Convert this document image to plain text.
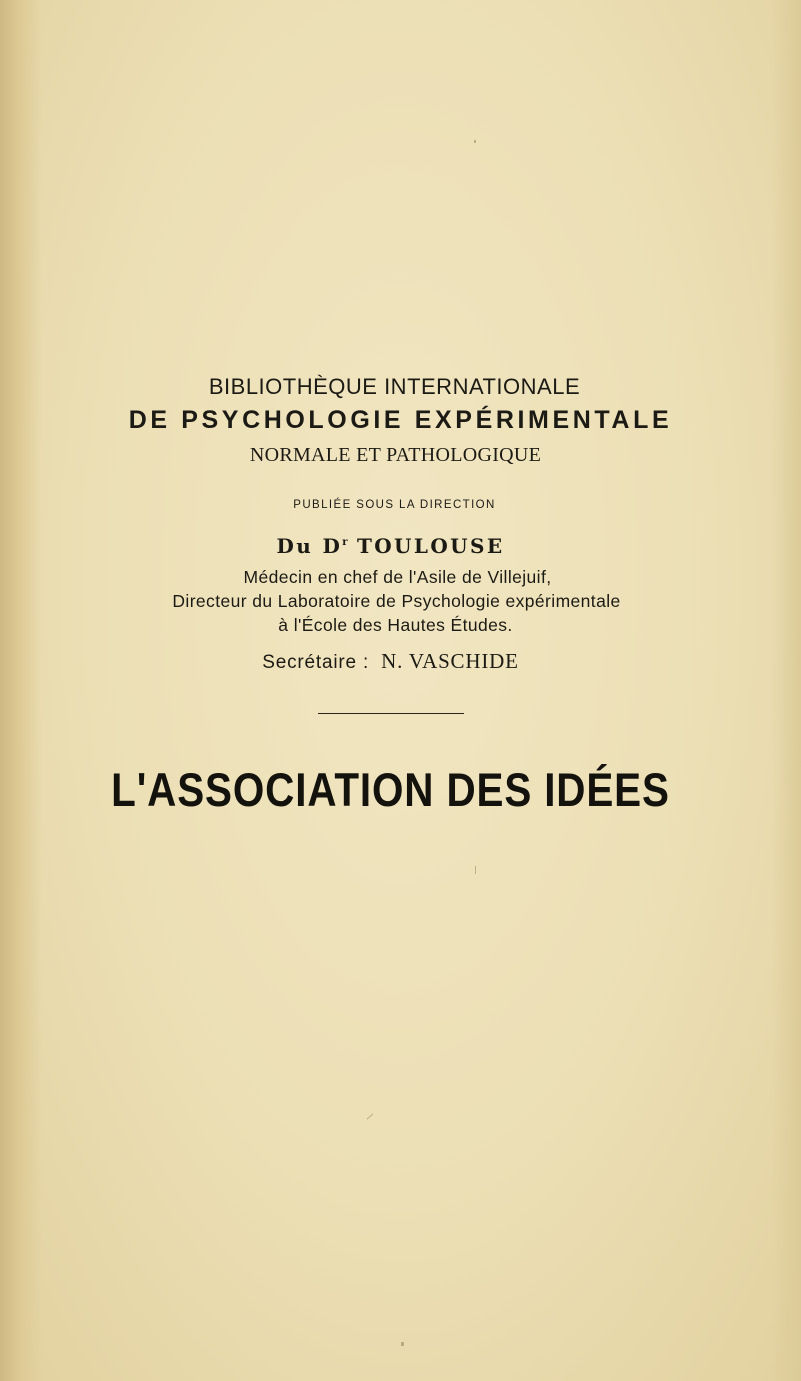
BIBLIOTHÈQUE INTERNATIONALE

DE PSYCHOLOGIE EXPÉRIMENTALE

NORMALE ET PATHOLOGIQUE

PUBLIÉE SOUS LA DIRECTION

Du $D^r$ TOULOUSE

Médecin en chef de l'Asile de Villejuif,

Directeur du Laboratoire de Psychologie expérimentale

à l'École des Hautes Études.

Secrétaire : N. VASCHIDE

L'ASSOCIATION DES IDÉES
